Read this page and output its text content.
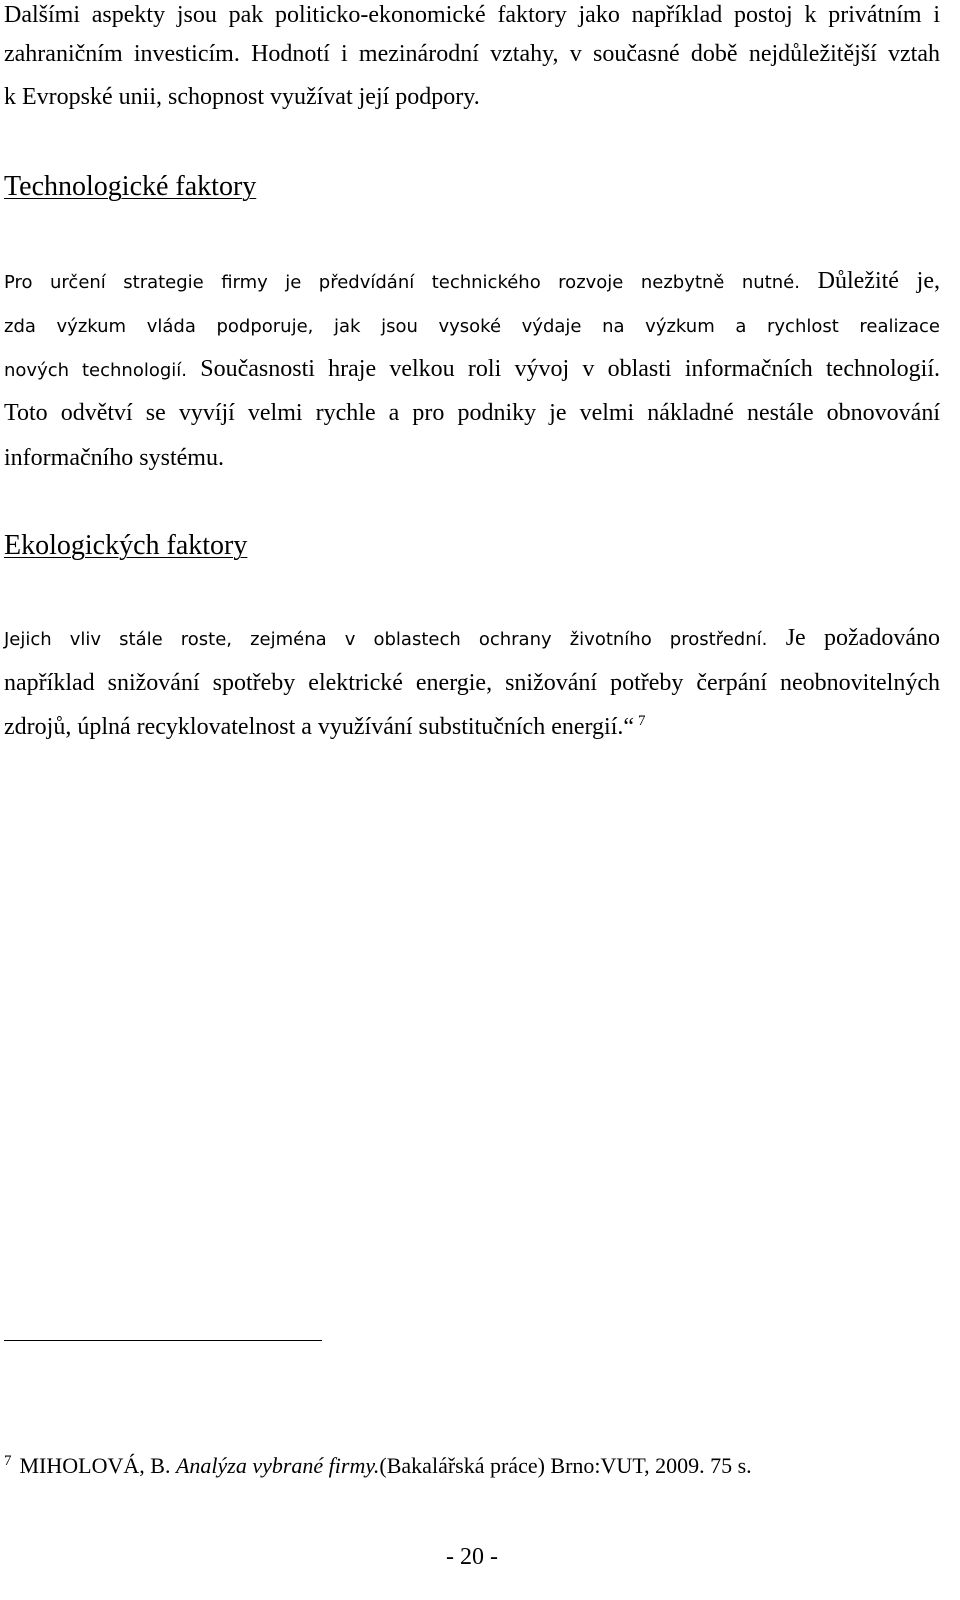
Dalšími aspekty jsou pak politicko-ekonomické faktory jako například postoj k privátním i
zahraničním investicím. Hodnotí i mezinárodní vztahy, v současné době nejdůležitější vztah
k Evropské unii, schopnost využívat její podpory.
Technologické faktory
Pro určení strategie firmy je předvídání technického rozvoje nezbytně nutné. Důležité je,
zda výzkum vláda podporuje, jak jsou vysoké výdaje na výzkum a rychlost realizace
nových technologií. Současnosti hraje velkou roli vývoj v oblasti informačních technologií.
Toto odvětví se vyvíjí velmi rychle a pro podniky je velmi nákladné nestále obnovování
informačního systému.
Ekologických faktory
Jejich vliv stále roste, zejména v oblastech ochrany životního prostřední. Je požadováno
například snižování spotřeby elektrické energie, snižování potřeby čerpání neobnovitelných
zdrojů, úplná recyklovatelnost a využívání substitučních energií.“ $^7$
$^7$ MIHOLOVÁ, B. Analýza vybrané firmy.(Bakalářská práce) Brno:VUT, 2009. 75 s.
- 20 -
